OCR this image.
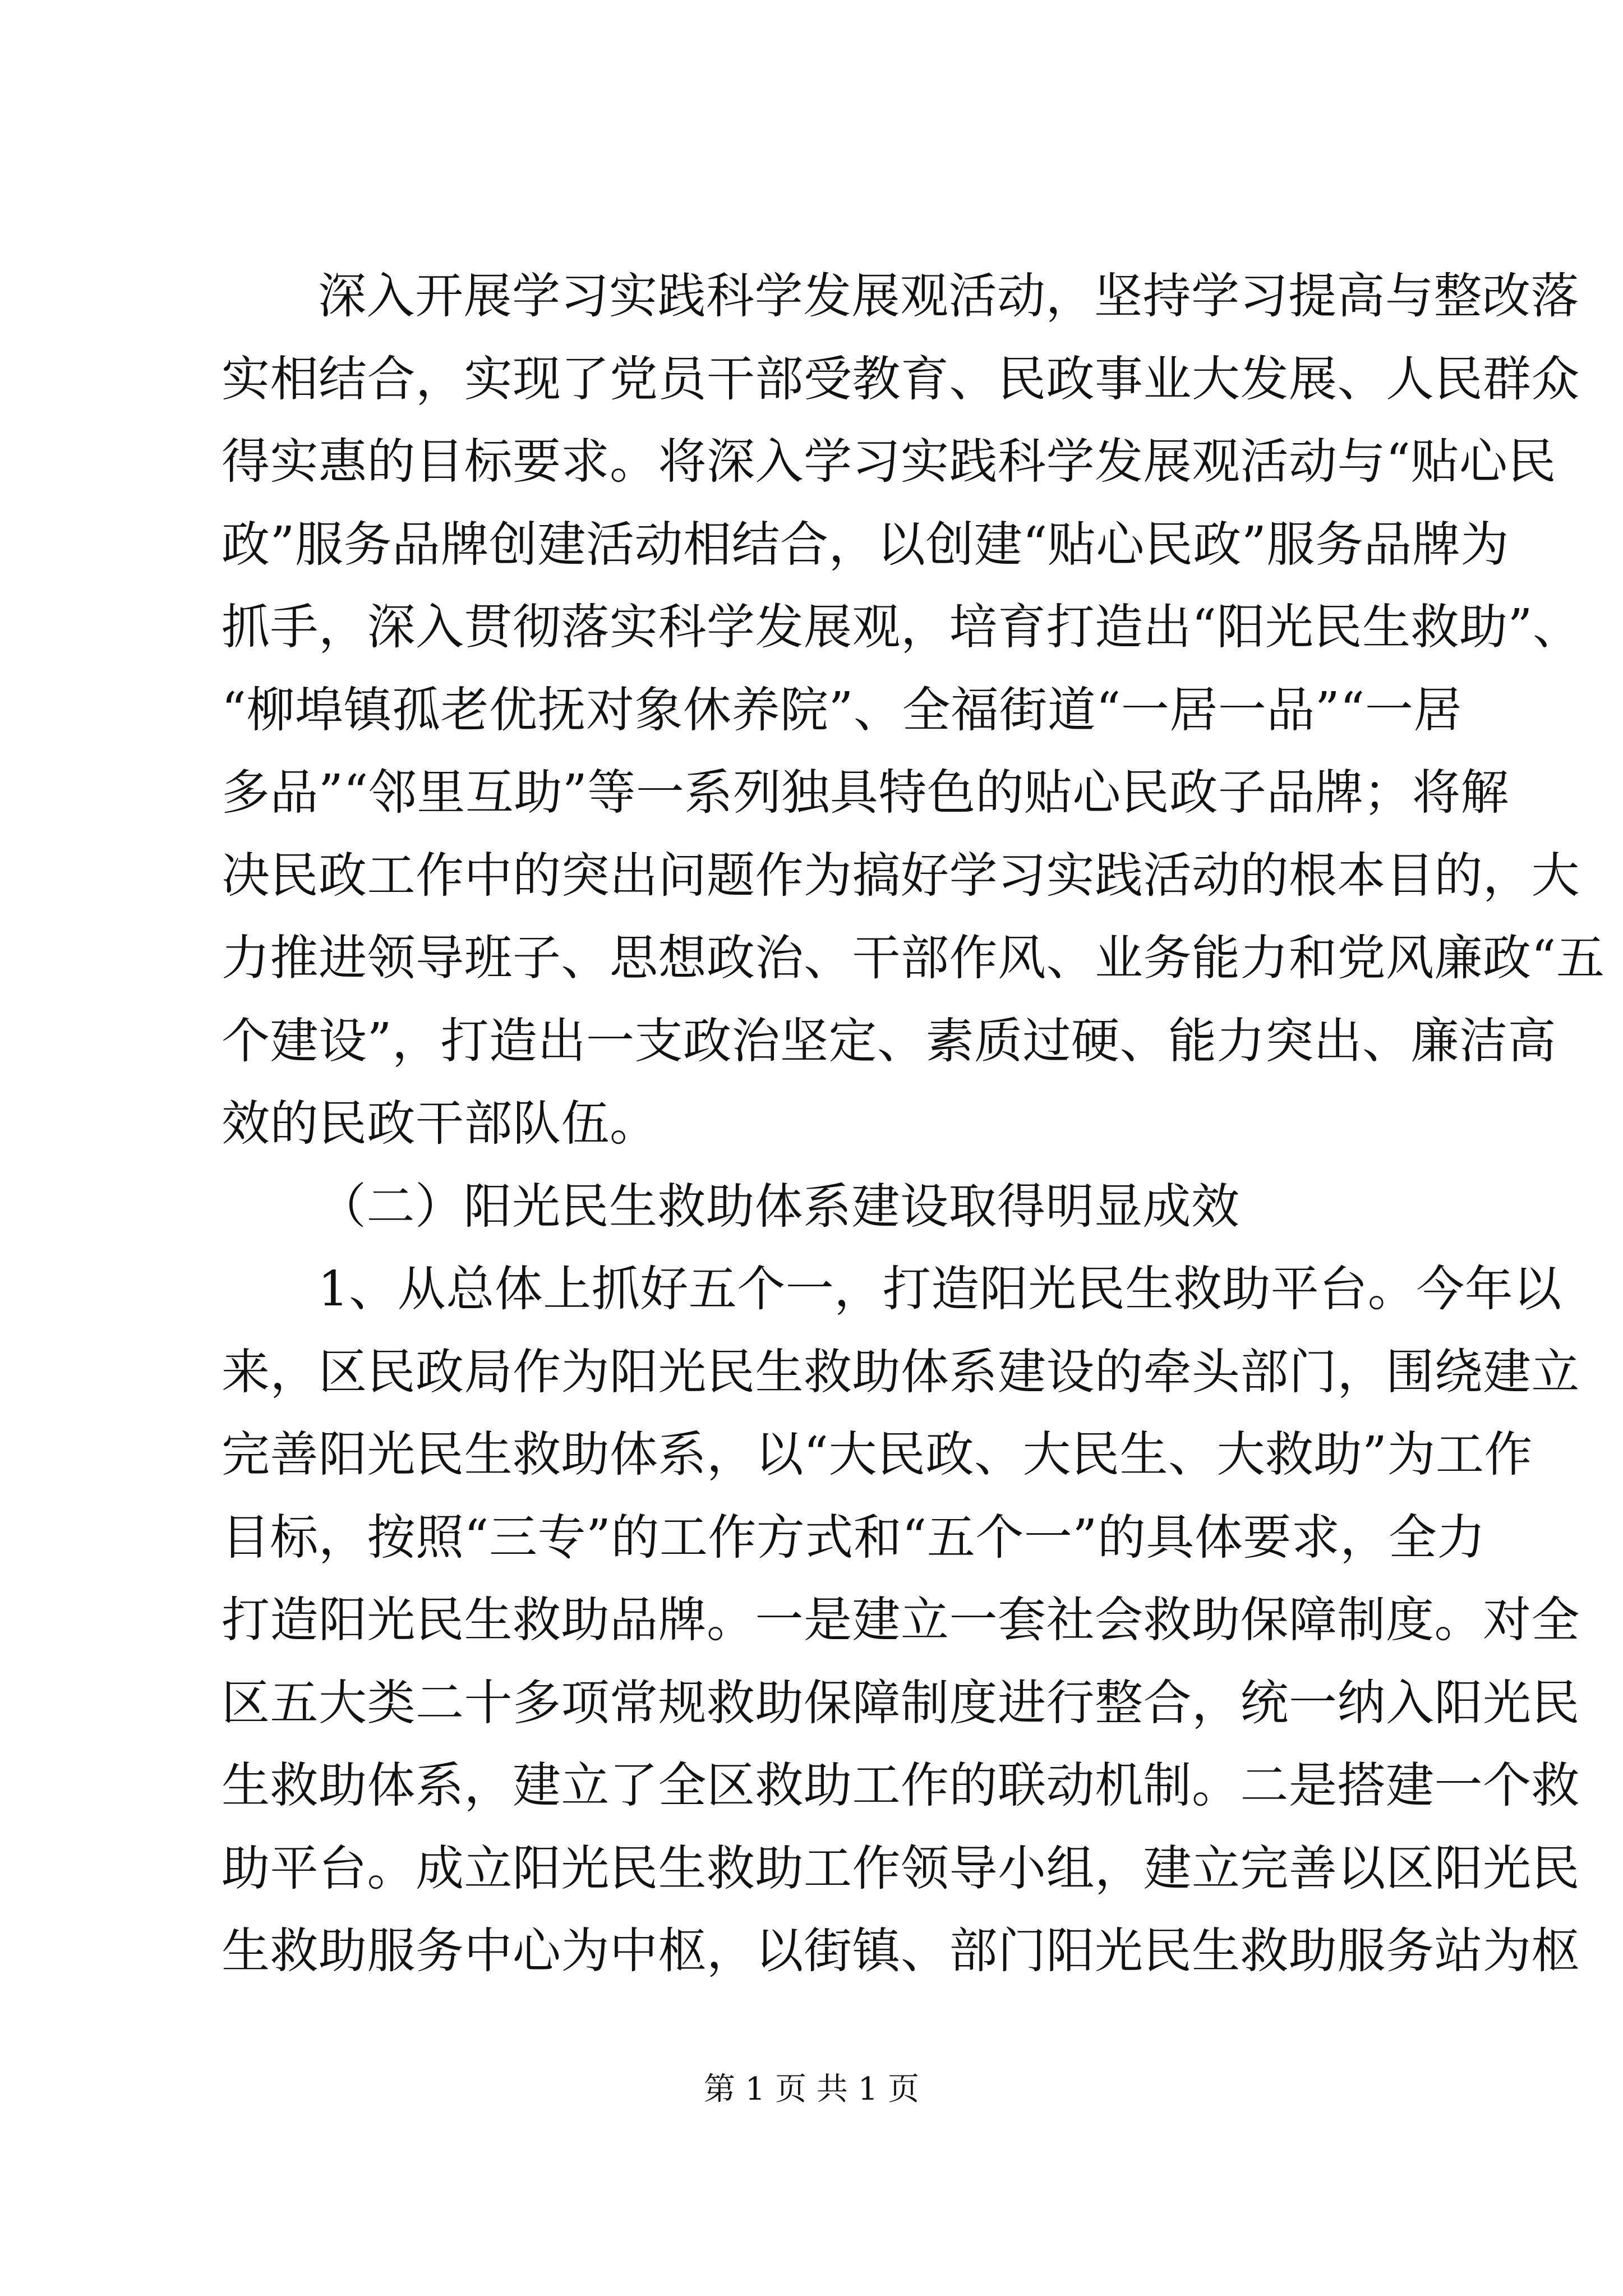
深入开展学习实践科学发展观活动，坚持学习提高与整改落
实相结合，实现了党员干部受教育、民政事业大发展、人民群众
得实惠的目标要求。将深入学习实践科学发展观活动与“贴心民
政”服务品牌创建活动相结合，以创建“贴心民政”服务品牌为
抓手，深入贯彻落实科学发展观，培育打造出“阳光民生救助”、
“柳埠镇孤老优抚对象休养院”、全福街道“一居一品”“一居
多品”“邻里互助”等一系列独具特色的贴心民政子品牌；将解
决民政工作中的突出问题作为搞好学习实践活动的根本目的，大
力推进领导班子、思想政治、干部作风、业务能力和党风廉政“五
个建设”，打造出一支政治坚定、素质过硬、能力突出、廉洁高
效的民政干部队伍。
（二）阳光民生救助体系建设取得明显成效
1、从总体上抓好五个一，打造阳光民生救助平台。今年以
来，区民政局作为阳光民生救助体系建设的牵头部门，围绕建立
完善阳光民生救助体系，以“大民政、大民生、大救助”为工作
目标，按照“三专”的工作方式和“五个一”的具体要求，全力
打造阳光民生救助品牌。一是建立一套社会救助保障制度。对全
区五大类二十多项常规救助保障制度进行整合，统一纳入阳光民
生救助体系，建立了全区救助工作的联动机制。二是搭建一个救
助平台。成立阳光民生救助工作领导小组，建立完善以区阳光民
生救助服务中心为中枢，以街镇、部门阳光民生救助服务站为枢
第 1 页 共 1 页
